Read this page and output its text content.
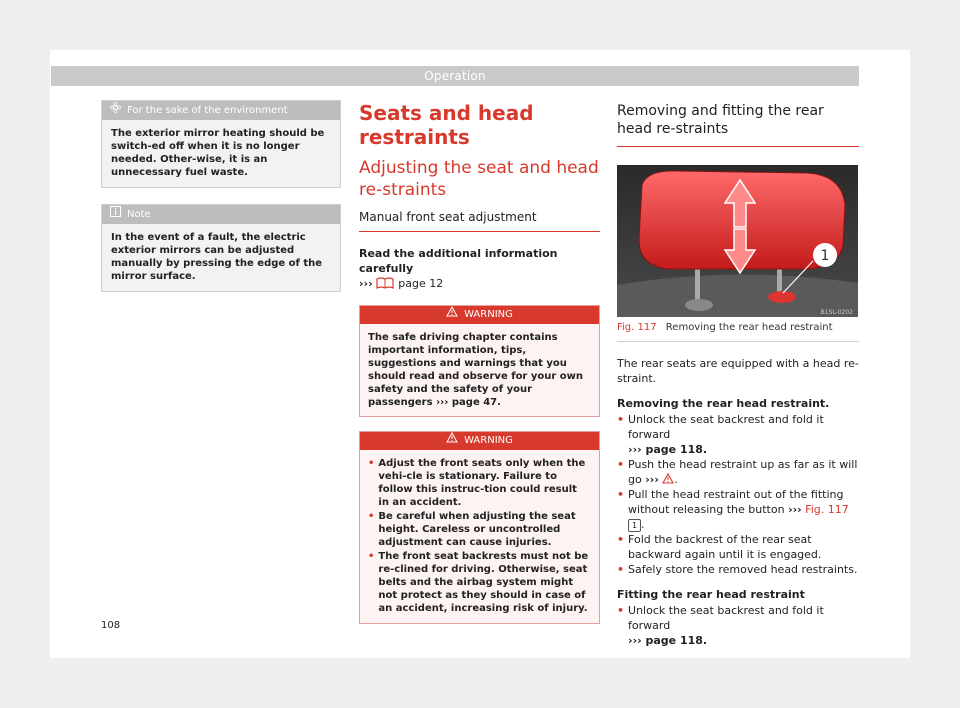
Operation
For the sake of the environment
The exterior mirror heating should be switch-ed off when it is no longer needed. Other-wise, it is an unnecessary fuel waste.
Note
In the event of a fault, the electric exterior mirrors can be adjusted manually by pressing the edge of the mirror surface.
Seats and head restraints
Adjusting the seat and head re-straints
Manual front seat adjustment
Read the additional information carefully
››› page 12
WARNING
The safe driving chapter contains important information, tips, suggestions and warnings that you should read and observe for your own safety and the safety of your passengers ››› page 47.
WARNING
• Adjust the front seats only when the vehi-cle is stationary. Failure to follow this instruc-tion could result in an accident.
• Be careful when adjusting the seat height. Careless or uncontrolled adjustment can cause injuries.
• The front seat backrests must not be re-clined for driving. Otherwise, seat belts and the airbag system might not protect as they should in case of an accident, increasing risk of injury.
Removing and fitting the rear head re-straints
1
B1SL-0202
Fig. 117 Removing the rear head restraint

The rear seats are equipped with a head re-straint.

Removing the rear head restraint.
• Unlock the seat backrest and fold it forward
››› page 118.
• Push the head restraint up as far as it will go ››› .
• Pull the head restraint out of the fitting without releasing the button ››› Fig. 117 1 .
• Fold the backrest of the rear seat backward again until it is engaged.
• Safely store the removed head restraints.
Fitting the rear head restraint
• Unlock the seat backrest and fold it forward
››› page 118.
108
